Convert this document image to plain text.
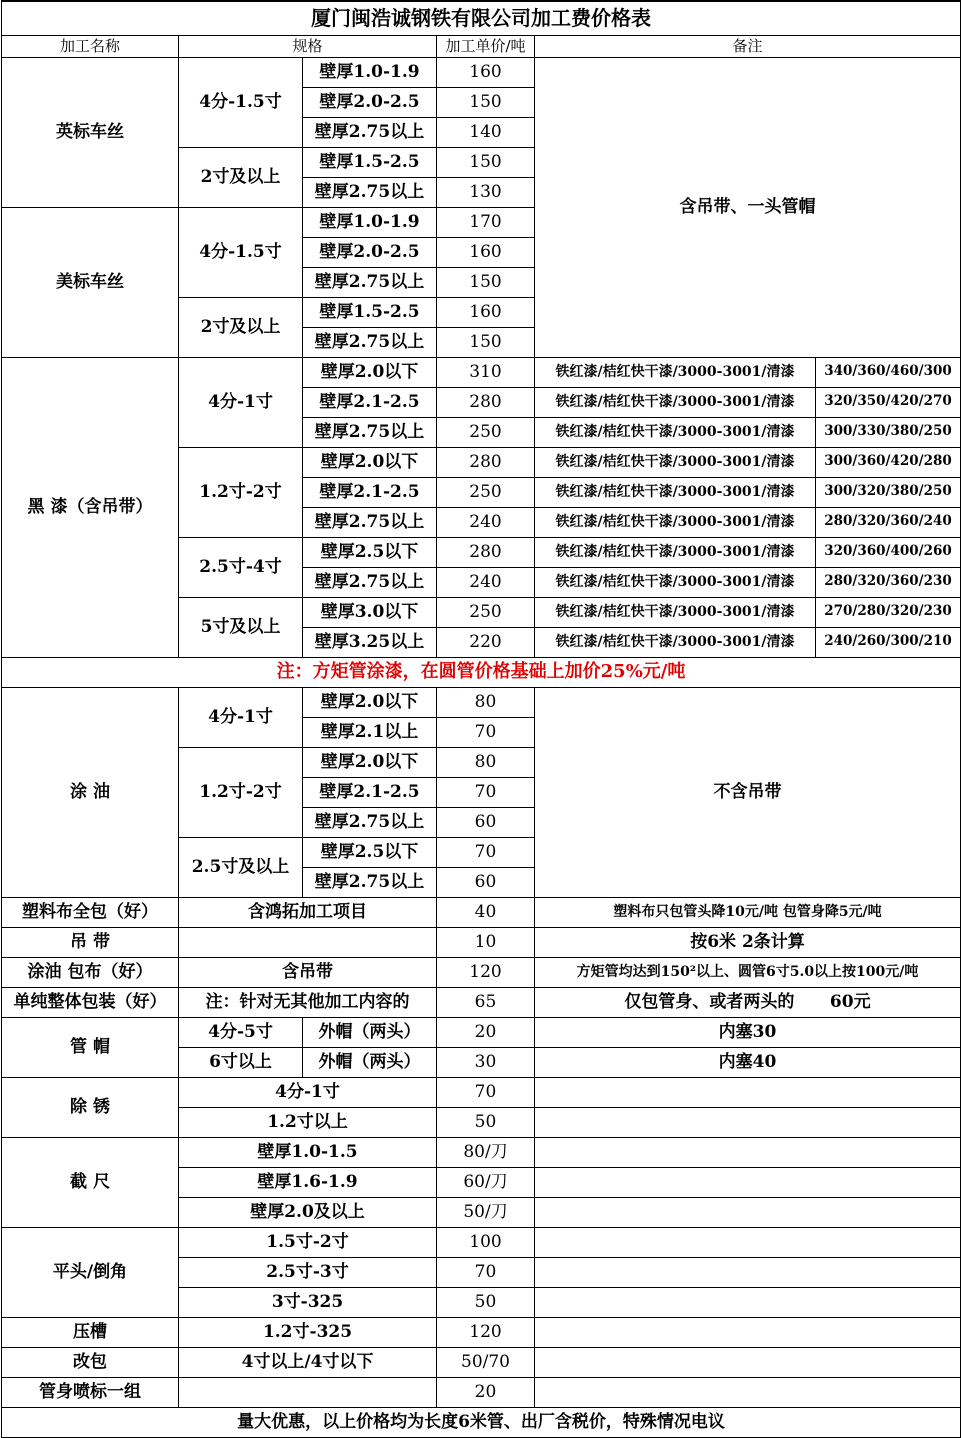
厦门闽浩诚钢铁有限公司加工费价格表					
加工名称	规格		加工单价/吨	备注	
英标车丝	4分-1.5寸	壁厚1.0-1.9	160	含吊带、一头管帽	
		壁厚2.0-2.5	150		
		壁厚2.75以上	140		
	2寸及以上	壁厚1.5-2.5	150		
		壁厚2.75以上	130		
美标车丝	4分-1.5寸	壁厚1.0-1.9	170		
		壁厚2.0-2.5	160		
		壁厚2.75以上	150		
	2寸及以上	壁厚1.5-2.5	160		
		壁厚2.75以上	150		
黑 漆（含吊带）	4分-1寸	壁厚2.0以下	310	铁红漆/桔红快干漆/3000-3001/清漆	340/360/460/300
		壁厚2.1-2.5	280	铁红漆/桔红快干漆/3000-3001/清漆	320/350/420/270
		壁厚2.75以上	250	铁红漆/桔红快干漆/3000-3001/清漆	300/330/380/250
	1.2寸-2寸	壁厚2.0以下	280	铁红漆/桔红快干漆/3000-3001/清漆	300/360/420/280
		壁厚2.1-2.5	250	铁红漆/桔红快干漆/3000-3001/清漆	300/320/380/250
		壁厚2.75以上	240	铁红漆/桔红快干漆/3000-3001/清漆	280/320/360/240
	2.5寸-4寸	壁厚2.5以下	280	铁红漆/桔红快干漆/3000-3001/清漆	320/360/400/260
		壁厚2.75以上	240	铁红漆/桔红快干漆/3000-3001/清漆	280/320/360/230
	5寸及以上	壁厚3.0以下	250	铁红漆/桔红快干漆/3000-3001/清漆	270/280/320/230
		壁厚3.25以上	220	铁红漆/桔红快干漆/3000-3001/清漆	240/260/300/210
注：方矩管涂漆，在圆管价格基础上加价25%元/吨					
涂 油	4分-1寸	壁厚2.0以下	80	不含吊带	
		壁厚2.1以上	70		
	1.2寸-2寸	壁厚2.0以下	80		
		壁厚2.1-2.5	70		
		壁厚2.75以上	60		
	2.5寸及以上	壁厚2.5以下	70		
		壁厚2.75以上	60		
塑料布全包（好）	含鸿拓加工项目		40	塑料布只包管头降10元/吨 包管身降5元/吨	
吊 带			10	按6米 2条计算	
涂油 包布（好）	含吊带		120	方矩管均达到150²以上、圆管6寸5.0以上按100元/吨	
单纯整体包装（好）	注：针对无其他加工内容的		65	仅包管身、或者两头的      60元	
管 帽	4分-5寸	外帽（两头）	20	内塞30	
	6寸以上	外帽（两头）	30	内塞40	
除 锈	4分-1寸		70		
	1.2寸以上		50		
截 尺	壁厚1.0-1.5		80/刀		
	壁厚1.6-1.9		60/刀		
	壁厚2.0及以上		50/刀		
平头/倒角	1.5寸-2寸		100		
	2.5寸-3寸		70		
	3寸-325		50		
压槽	1.2寸-325		120		
改包	4寸以上/4寸以下		50/70		
管身喷标一组			20		
量大优惠，以上价格均为长度6米管、出厂含税价，特殊情况电议					
